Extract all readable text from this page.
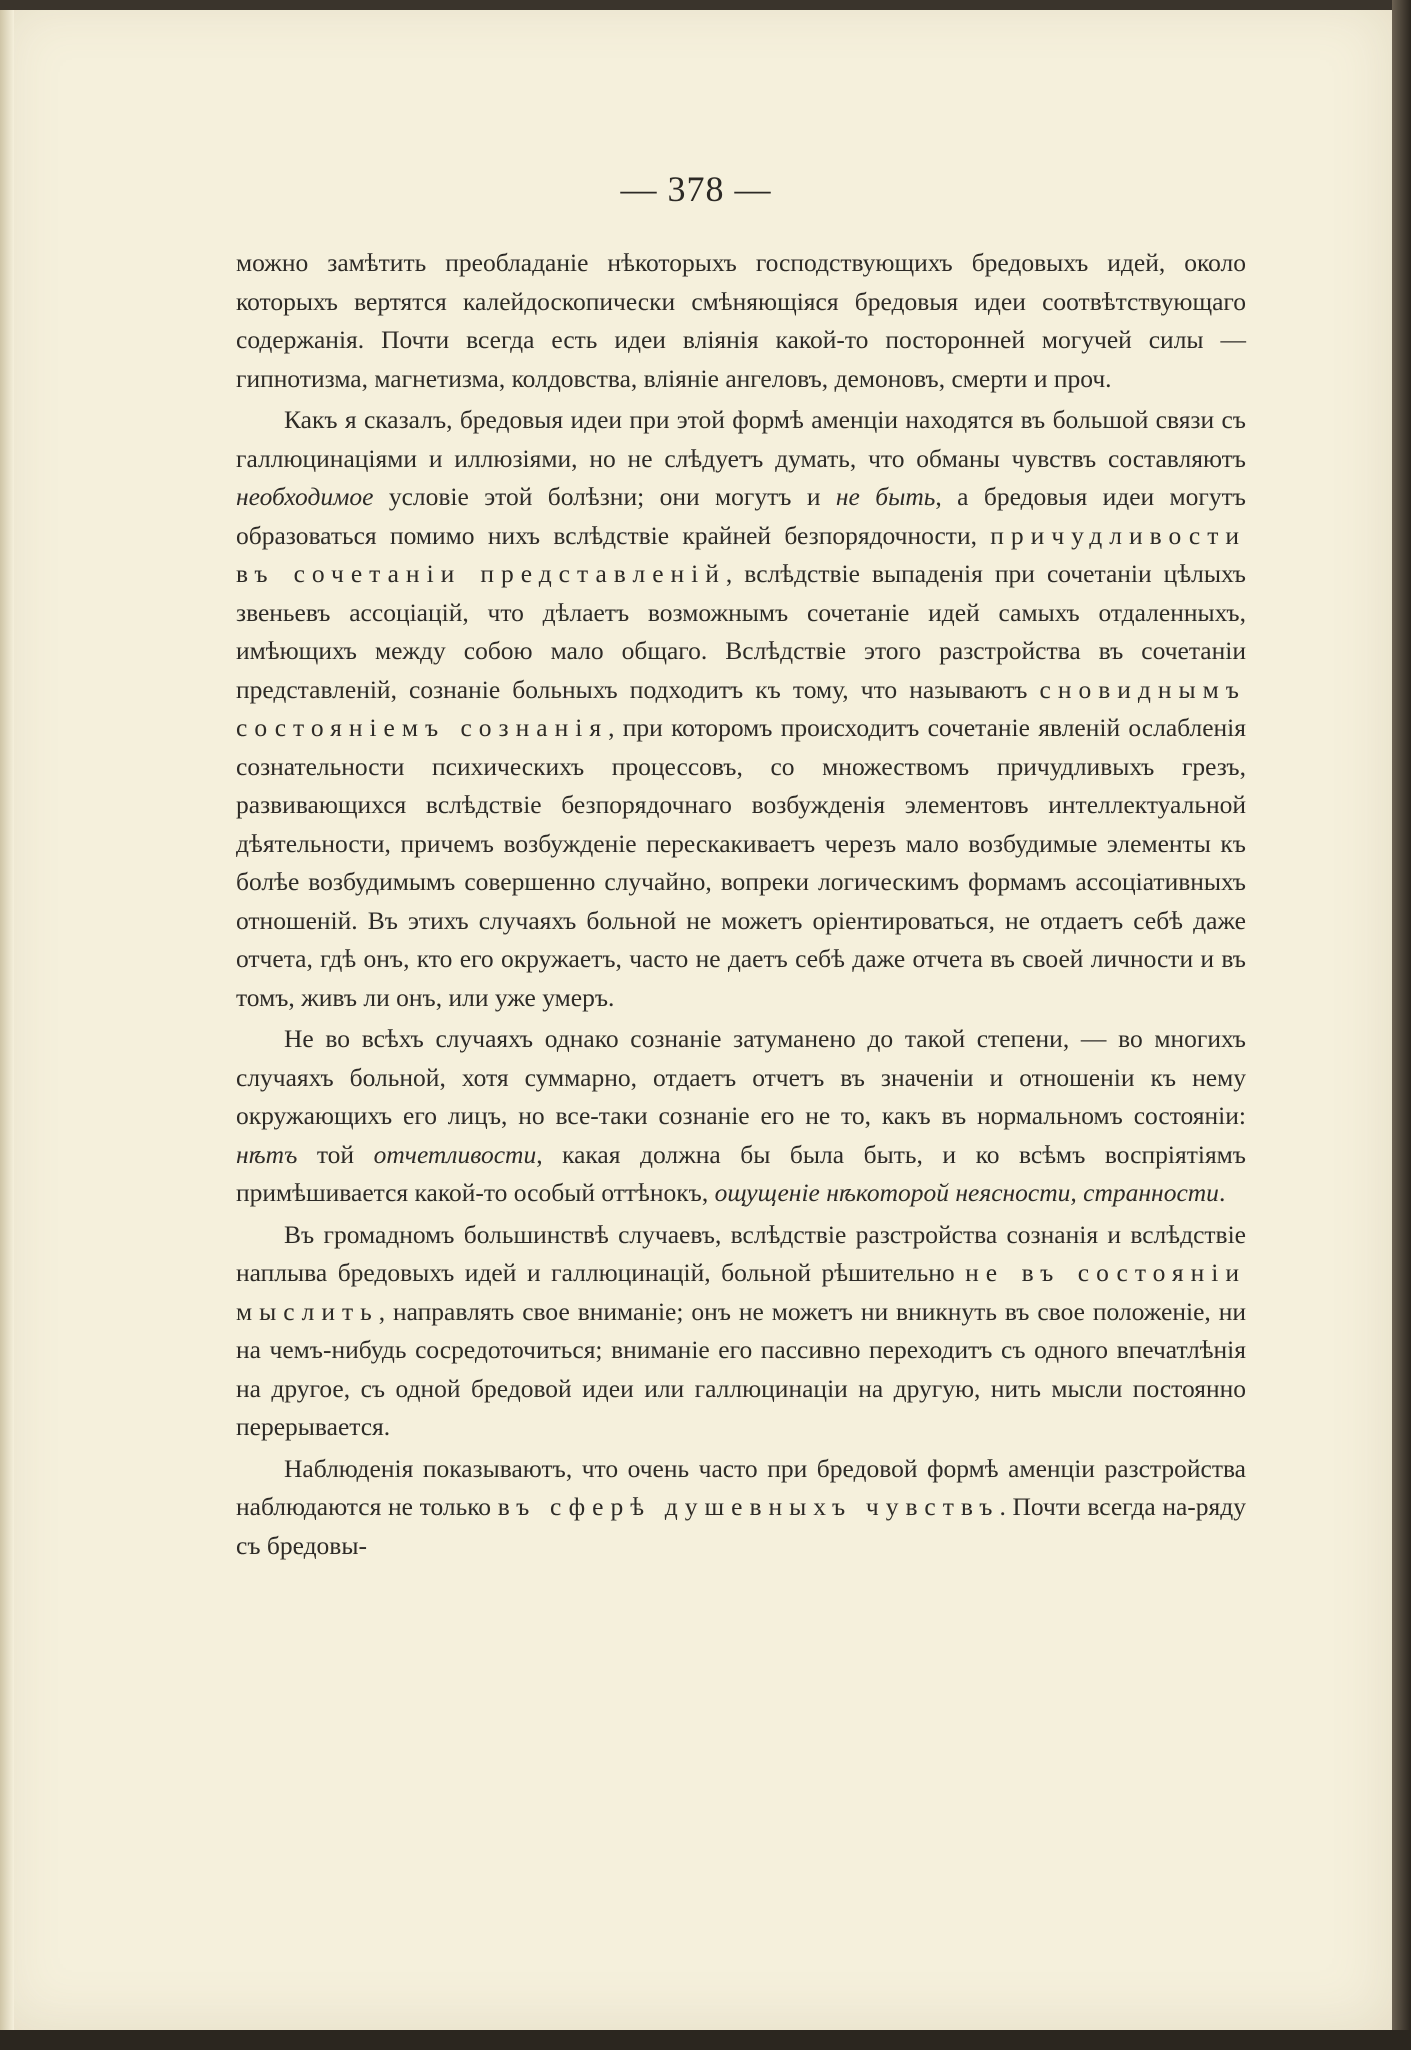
— 378 —

можно замѣтить преобладаніе нѣкоторыхъ господствующихъ бредовыхъ идей, около которыхъ вертятся калейдоскопически смѣняющіяся бредовыя идеи соотвѣтствующаго содержанія. Почти всегда есть идеи вліянія какой-то посторонней могучей силы — гипнотизма, магнетизма, колдовства, вліяніе ангеловъ, демоновъ, смерти и проч.

Какъ я сказалъ, бредовыя идеи при этой формѣ аменціи находятся въ большой связи съ галлюцинаціями и иллюзіями, но не слѣдуетъ думать, что обманы чувствъ составляютъ необходимое условіе этой болѣзни; они могутъ и не быть, а бредовыя идеи могутъ образоваться помимо нихъ вслѣдствіе крайней безпорядочности, причудливости въ сочетаніи представленій, вслѣдствіе выпаденія при сочетаніи цѣлыхъ звеньевъ ассоціацій, что дѣлаетъ возможнымъ сочетаніе идей самыхъ отдаленныхъ, имѣющихъ между собою мало общаго. Вслѣдствіе этого разстройства въ сочетаніи представленій, сознаніе больныхъ подходитъ къ тому, что называютъ сновиднымъ состояніемъ сознанія, при которомъ происходитъ сочетаніе явленій ослабленія сознательности психическихъ процессовъ, со множествомъ причудливыхъ грезъ, развивающихся вслѣдствіе безпорядочнаго возбужденія элементовъ интеллектуальной дѣятельности, причемъ возбужденіе перескакиваетъ черезъ мало возбудимые элементы къ болѣе возбудимымъ совершенно случайно, вопреки логическимъ формамъ ассоціативныхъ отношеній. Въ этихъ случаяхъ больной не можетъ оріентироваться, не отдаетъ себѣ даже отчета, гдѣ онъ, кто его окружаетъ, часто не даетъ себѣ даже отчета въ своей личности и въ томъ, живъ ли онъ, или уже умеръ.

Не во всѣхъ случаяхъ однако сознаніе затуманено до такой степени, — во многихъ случаяхъ больной, хотя суммарно, отдаетъ отчетъ въ значеніи и отношеніи къ нему окружающихъ его лицъ, но все-таки сознаніе его не то, какъ въ нормальномъ состояніи: нѣтъ той отчетливости, какая должна бы была быть, и ко всѣмъ воспріятіямъ примѣшивается какой-то особый оттѣнокъ, ощущеніе нѣкоторой неясности, странности.

Въ громадномъ большинствѣ случаевъ, вслѣдствіе разстройства сознанія и вслѣдствіе наплыва бредовыхъ идей и галлюцинацій, больной рѣшительно не въ состояніи мыслить, направлять свое вниманіе; онъ не можетъ ни вникнуть въ свое положеніе, ни на чемъ-нибудь сосредоточиться; вниманіе его пассивно переходитъ съ одного впечатлѣнія на другое, съ одной бредовой идеи или галлюцинаціи на другую, нить мысли постоянно перерывается.

Наблюденія показываютъ, что очень часто при бредовой формѣ аменціи разстройства наблюдаются не только въ сферѣ душевныхъ чувствъ. Почти всегда на-ряду съ бредовы-
